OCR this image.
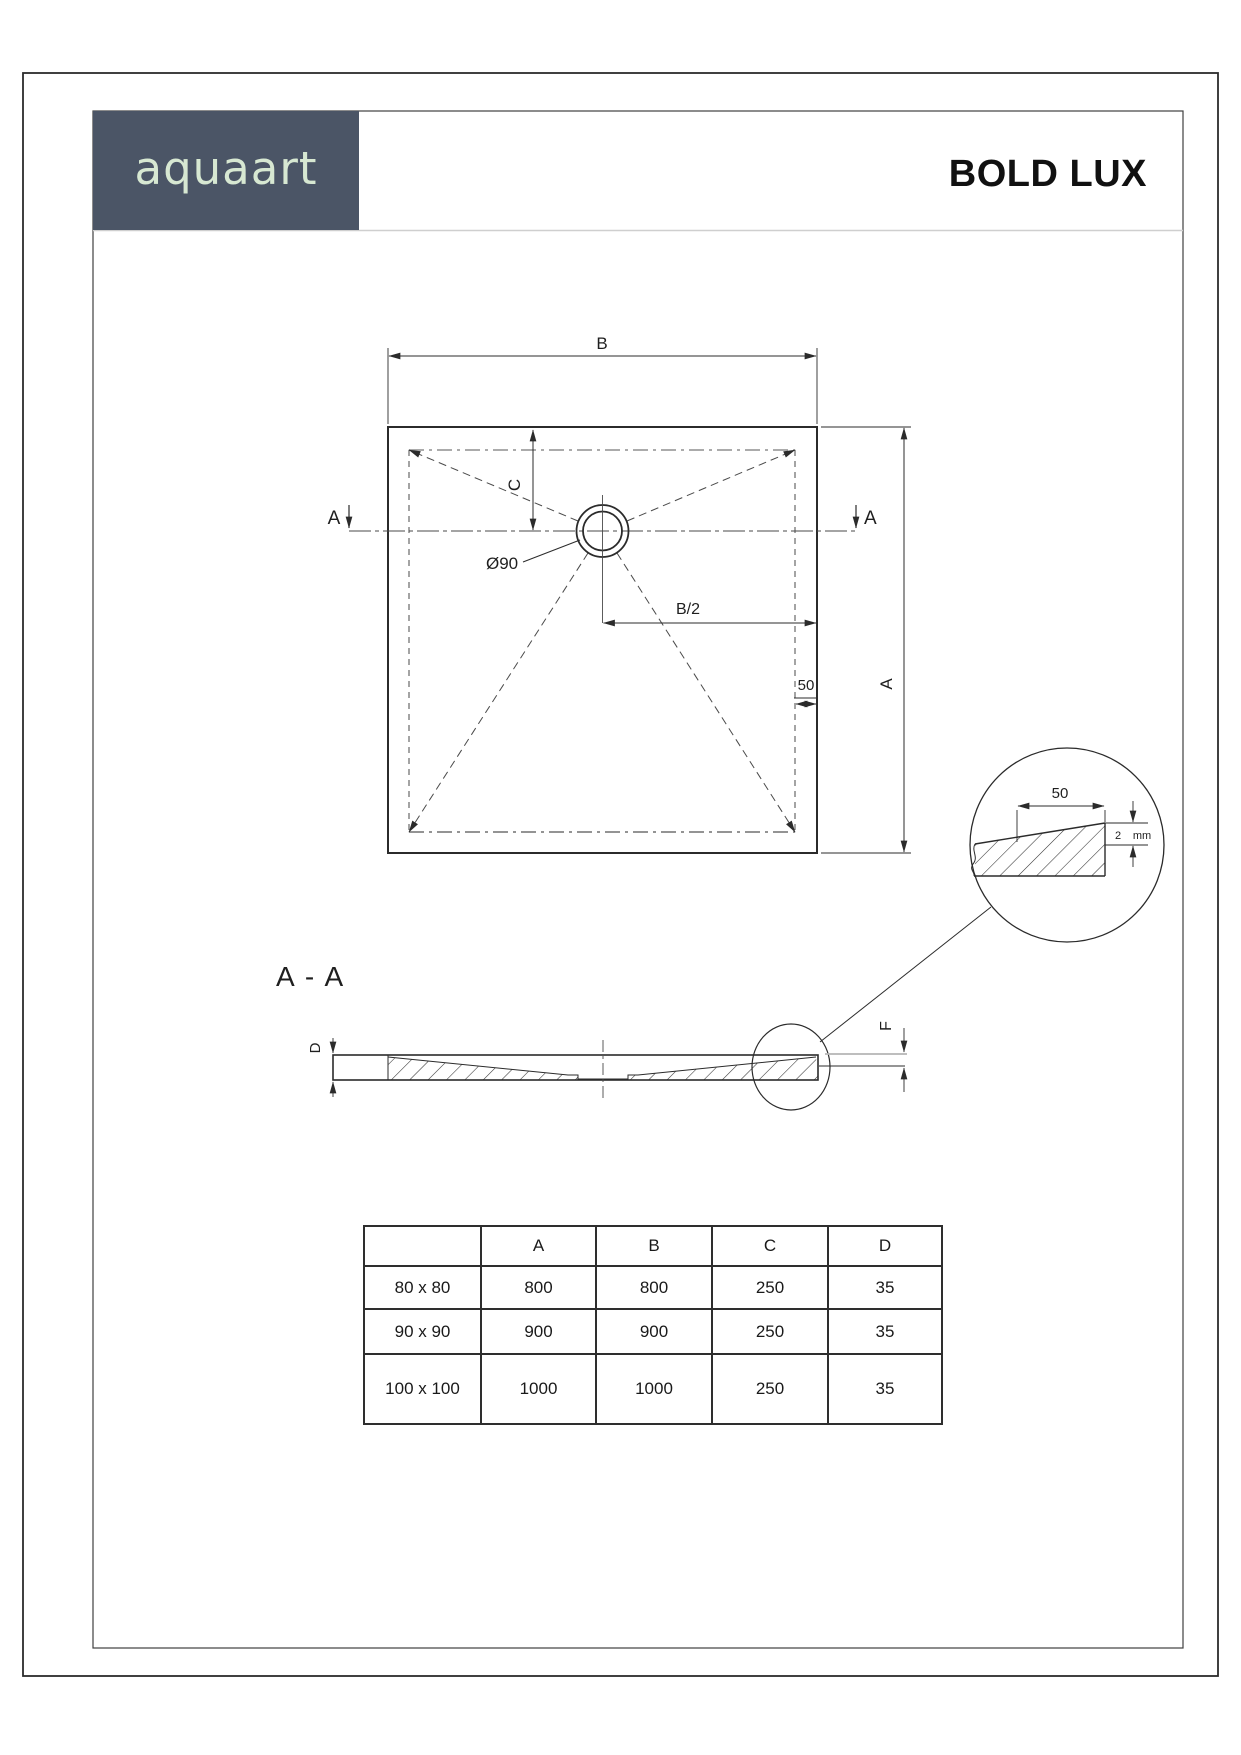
A	A
B
C
Ø90
B/2
50	A
A - A
D
F
50
2 mm
aquaart	BOLD LUX
	A	B	C	D
80 x 80	800	800	250	35
90 x 90	900	900	250	35
100 x 100	1000	1000	250	35
